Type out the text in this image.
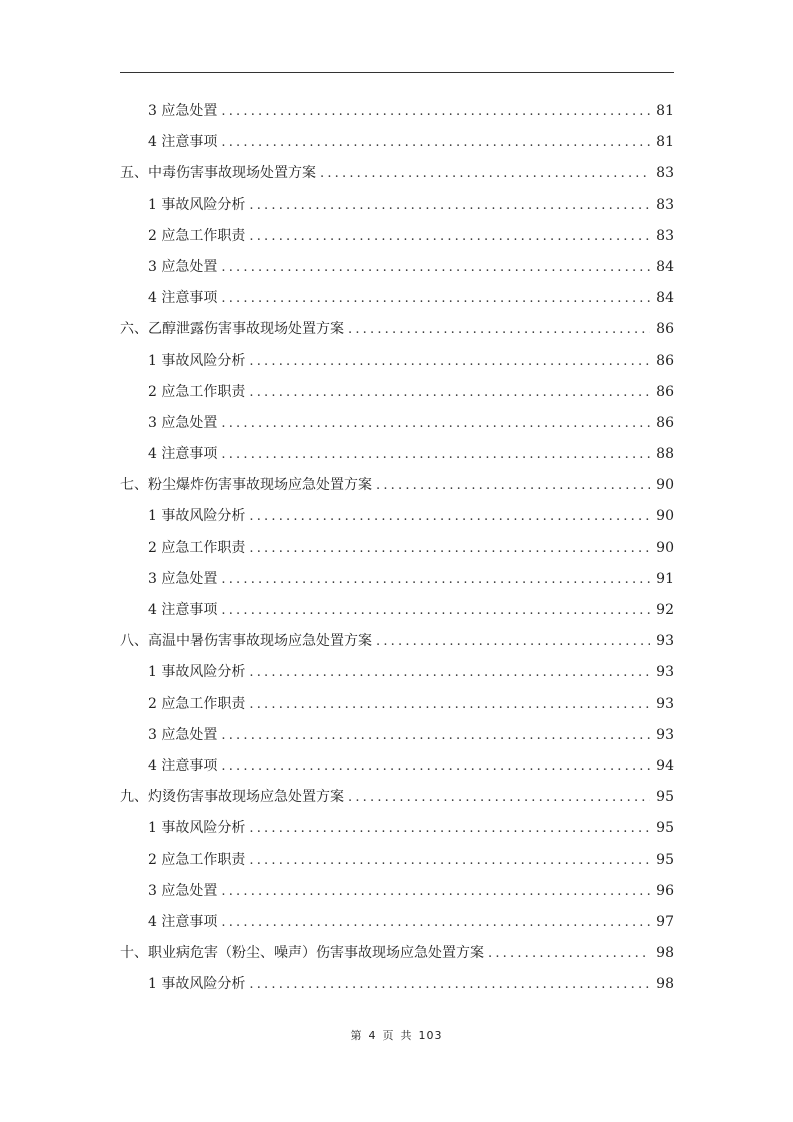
3 应急处置 .....	81
4 注意事项 .....	81
五、中毒伤害事故现场处置方案 .....	83
1 事故风险分析 .....	83
2 应急工作职责 .....	83
3 应急处置 .....	84
4 注意事项 .....	84
六、乙醇泄露伤害事故现场处置方案 .....	86
1 事故风险分析 .....	86
2 应急工作职责 .....	86
3 应急处置 .....	86
4 注意事项 .....	88
七、粉尘爆炸伤害事故现场应急处置方案 .....	90
1 事故风险分析 .....	90
2 应急工作职责 .....	90
3 应急处置 .....	91
4 注意事项 .....	92
八、高温中暑伤害事故现场应急处置方案 .....	93
1 事故风险分析 .....	93
2 应急工作职责 .....	93
3 应急处置 .....	93
4 注意事项 .....	94
九、灼烫伤害事故现场应急处置方案 .....	95
1 事故风险分析 .....	95
2 应急工作职责 .....	95
3 应急处置 .....	96
4 注意事项 .....	97
十、职业病危害（粉尘、噪声）伤害事故现场应急处置方案 .....	98
1 事故风险分析 .....	98
第 4 页 共 103
